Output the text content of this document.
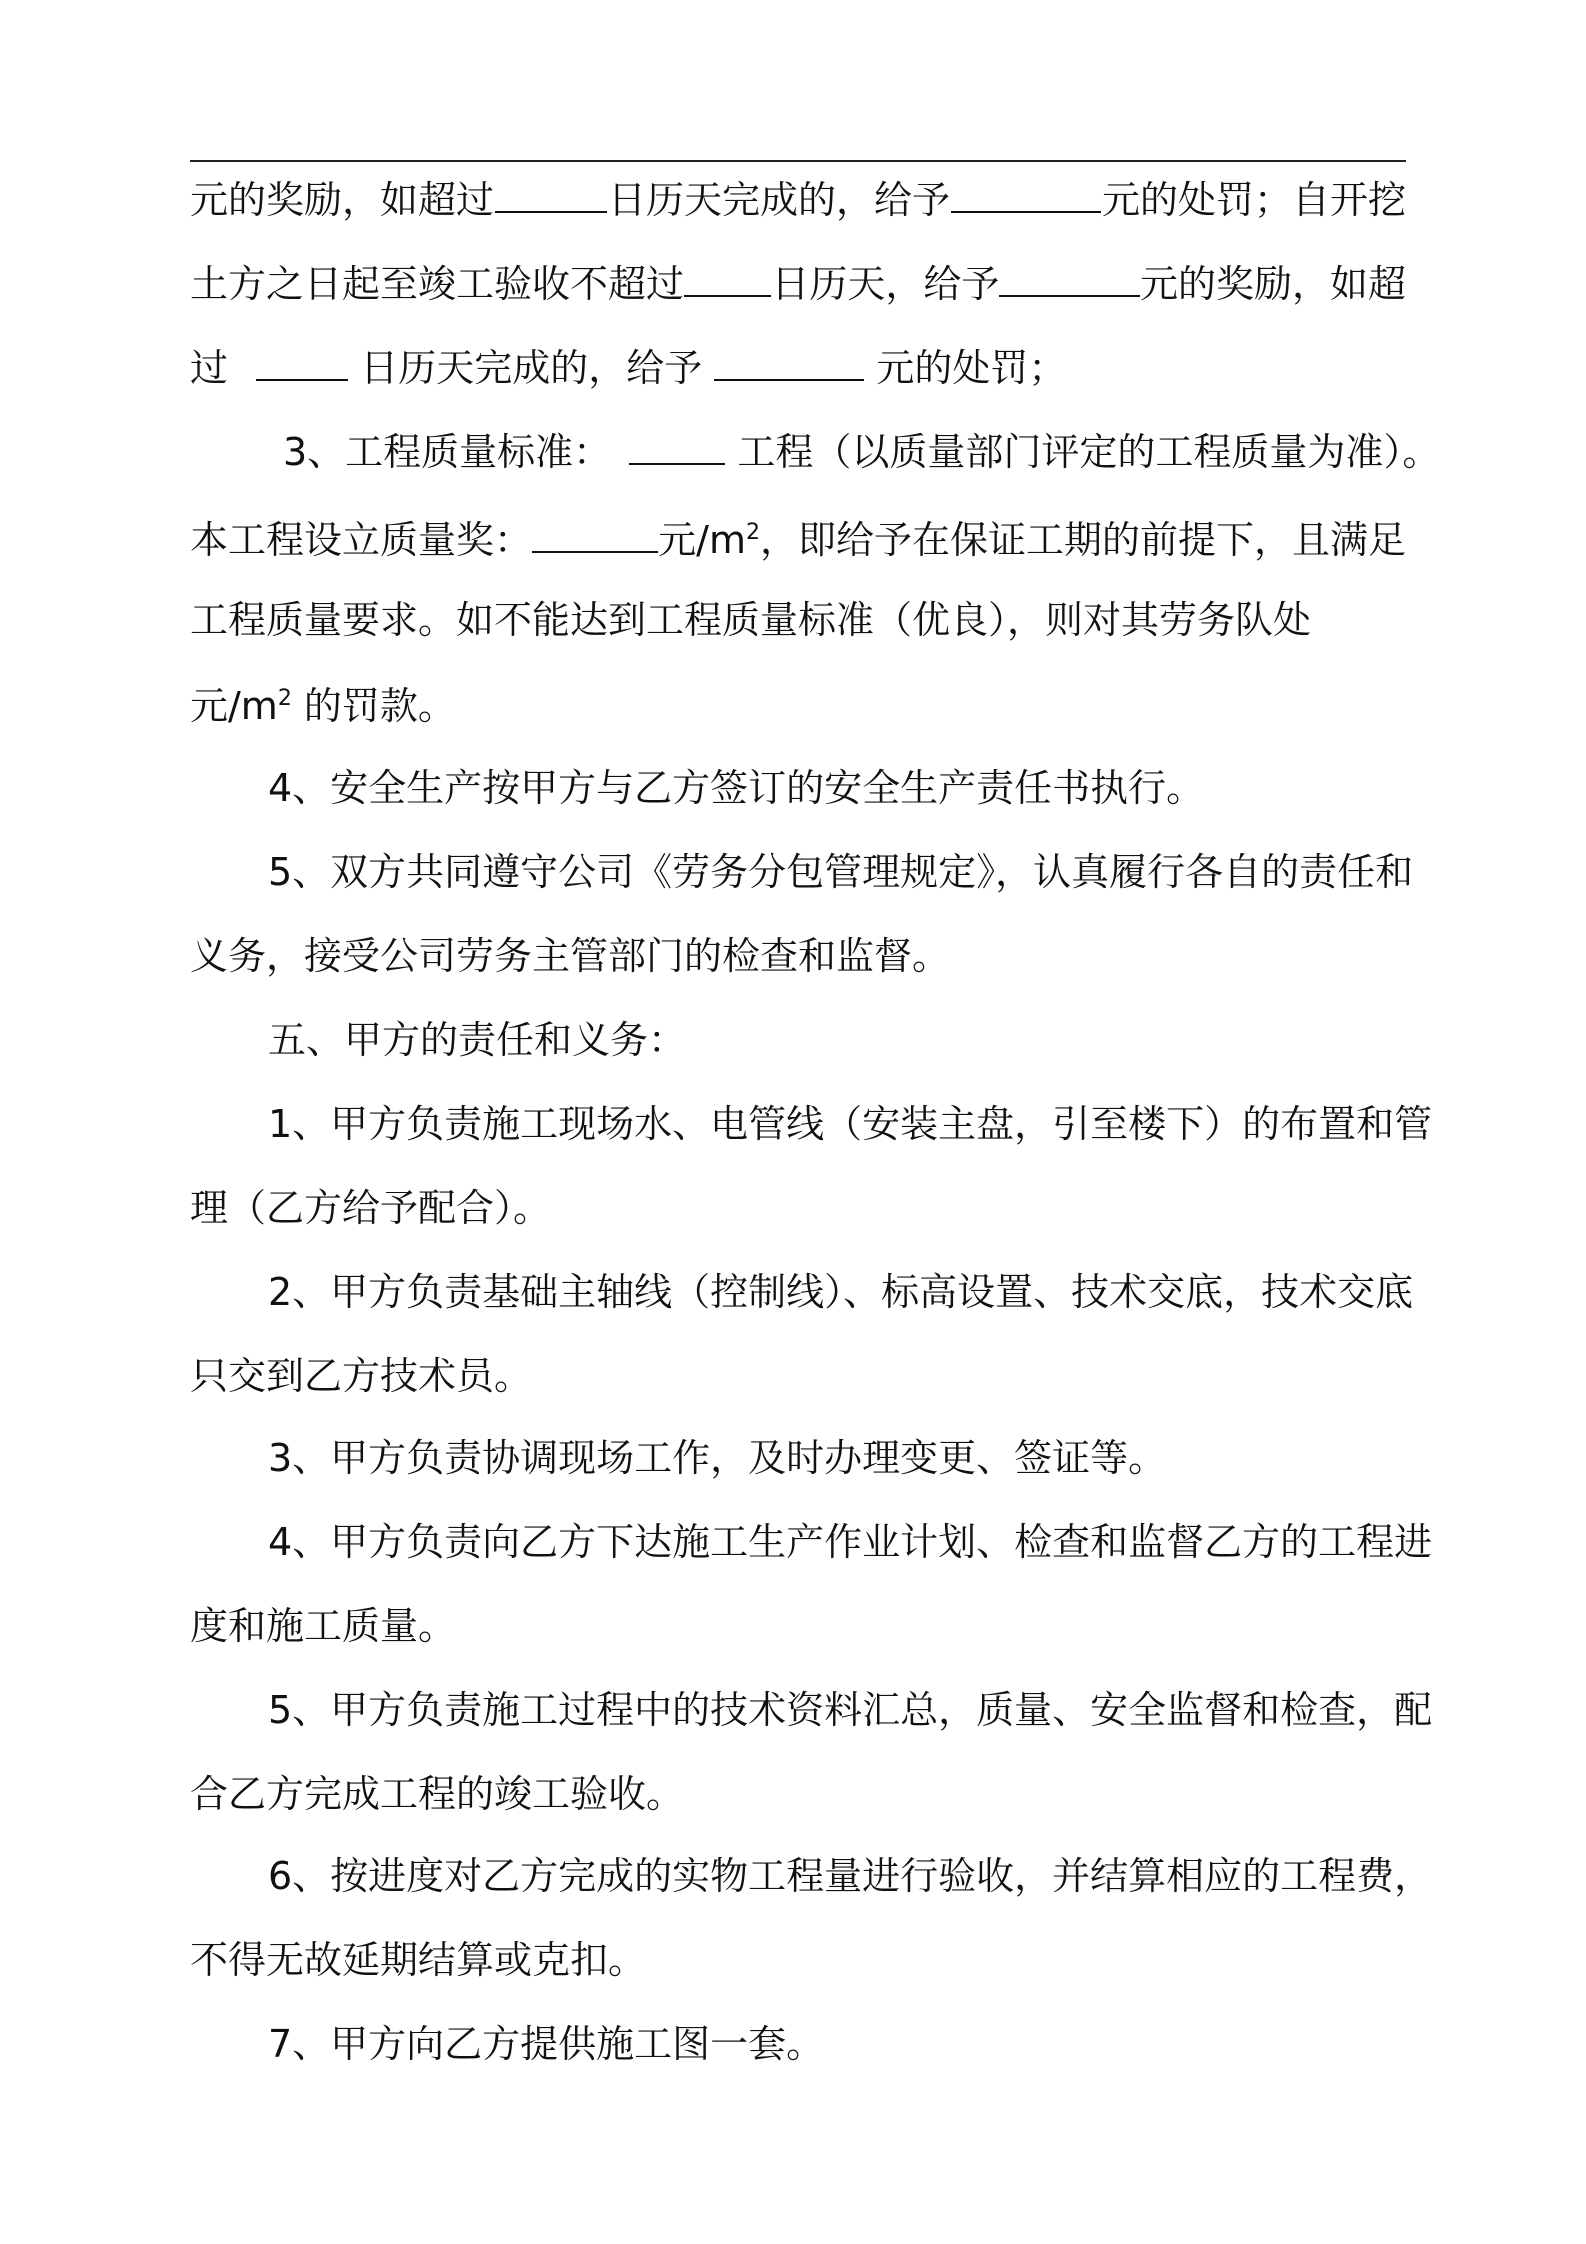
元的奖励，如超过	日历天完成的，给予	元的处罚；自开挖
土方之日起至竣工验收不超过 日历天，给予	元的奖励，如超
过	日历天完成的，给予	元的处罚；
3、工程质量标准：	工程（以质量部门评定的工程质量为准）。
本工程设立质量奖：	元$/m^2$ ，即给予在保证工期的前提下，且满足
工程质量要求。如不能达到工程质量标准（优良），则对其劳务队处
元$/m^2$ 的罚款。
4、安全生产按甲方与乙方签订的安全生产责任书执行。
5、双方共同遵守公司《劳务分包管理规定》，认真履行各自的责任和
义务，接受公司劳务主管部门的检查和监督。
五、甲方的责任和义务：
1、甲方负责施工现场水、电管线（安装主盘，引至楼下）的布置和管
理（乙方给予配合）。
2、甲方负责基础主轴线（控制线）、标高设置、技术交底，技术交底
只交到乙方技术员。
3、甲方负责协调现场工作，及时办理变更、签证等。
4、甲方负责向乙方下达施工生产作业计划、检查和监督乙方的工程进
度和施工质量。
5、甲方负责施工过程中的技术资料汇总，质量、安全监督和检查，配
合乙方完成工程的竣工验收。
6、按进度对乙方完成的实物工程量进行验收，并结算相应的工程费，
不得无故延期结算或克扣。
7、甲方向乙方提供施工图一套。
